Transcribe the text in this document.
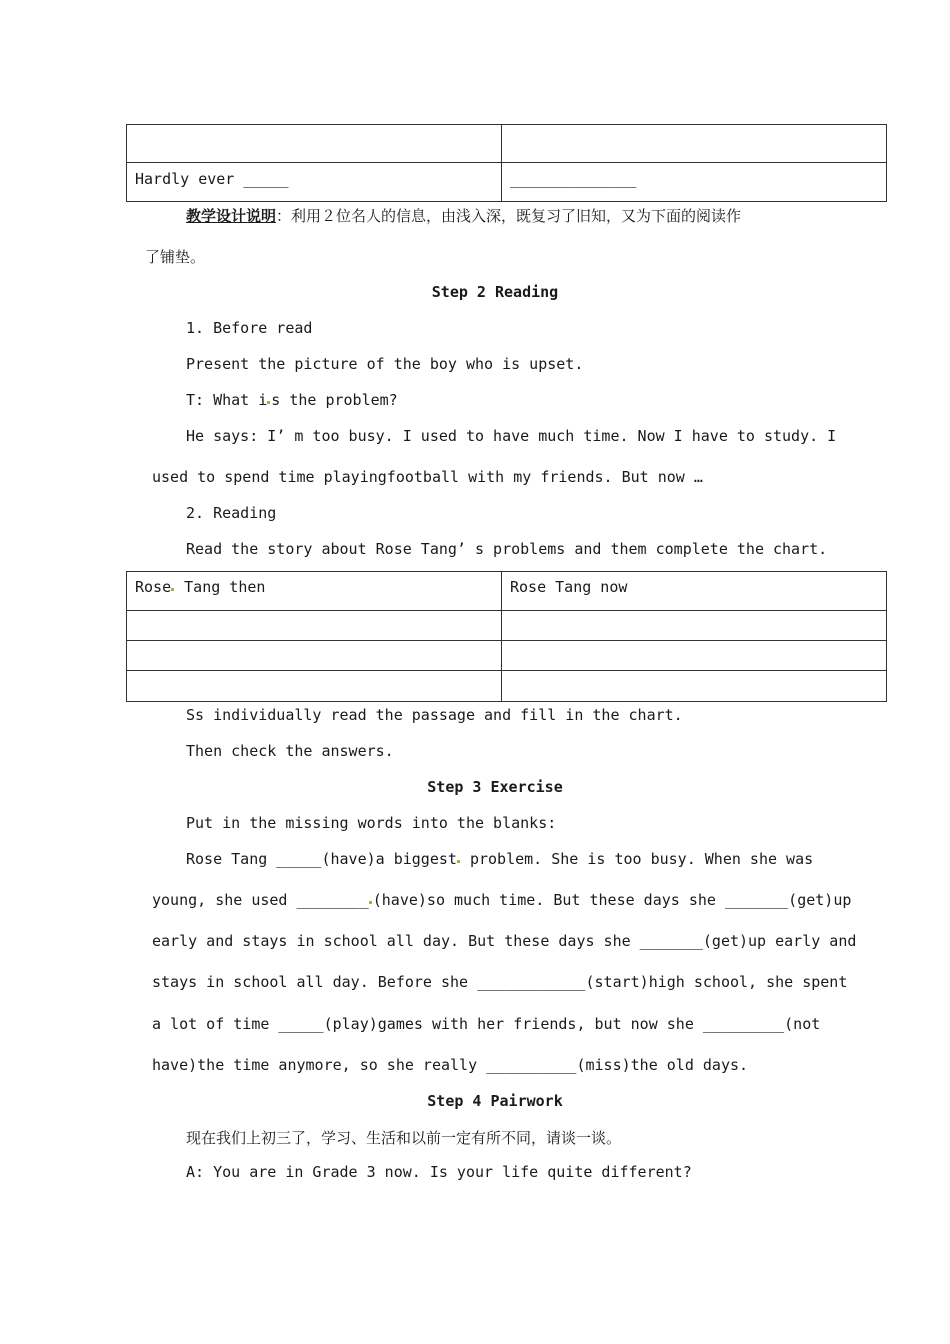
Hardly ever _____	______________
教学设计说明：利用２位名人的信息，由浅入深，既复习了旧知，又为下面的阅读作
了铺垫。
Step 2 Reading
1. Before read
Present the picture of the boy who is upset.
T: What i s the problem?
He says: I’ m too busy. I used to have much time. Now I have to study. I
used to spend time playingfootball with my friends. But now …
2. Reading
Read the story about Rose Tang’ s problems and them complete the chart.
Rose Tang then	Rose Tang now

Ss individually read the passage and fill in the chart.
Then check the answers.
Step 3 Exercise
Put in the missing words into the blanks:
Rose Tang _____(have)a biggest problem. She is too busy. When she was
young, she used ________ (have)so much time. But these days she _______(get)up
early and stays in school all day. But these days she _______(get)up early and
stays in school all day. Before she ____________(start)high school, she spent
a lot of time _____(play)games with her friends, but now she _________(not
have)the time anymore, so she really __________(miss)the old days.
Step 4 Pairwork
现在我们上初三了，学习、生活和以前一定有所不同，请谈一谈。
A: You are in Grade 3 now. Is your life quite different?
